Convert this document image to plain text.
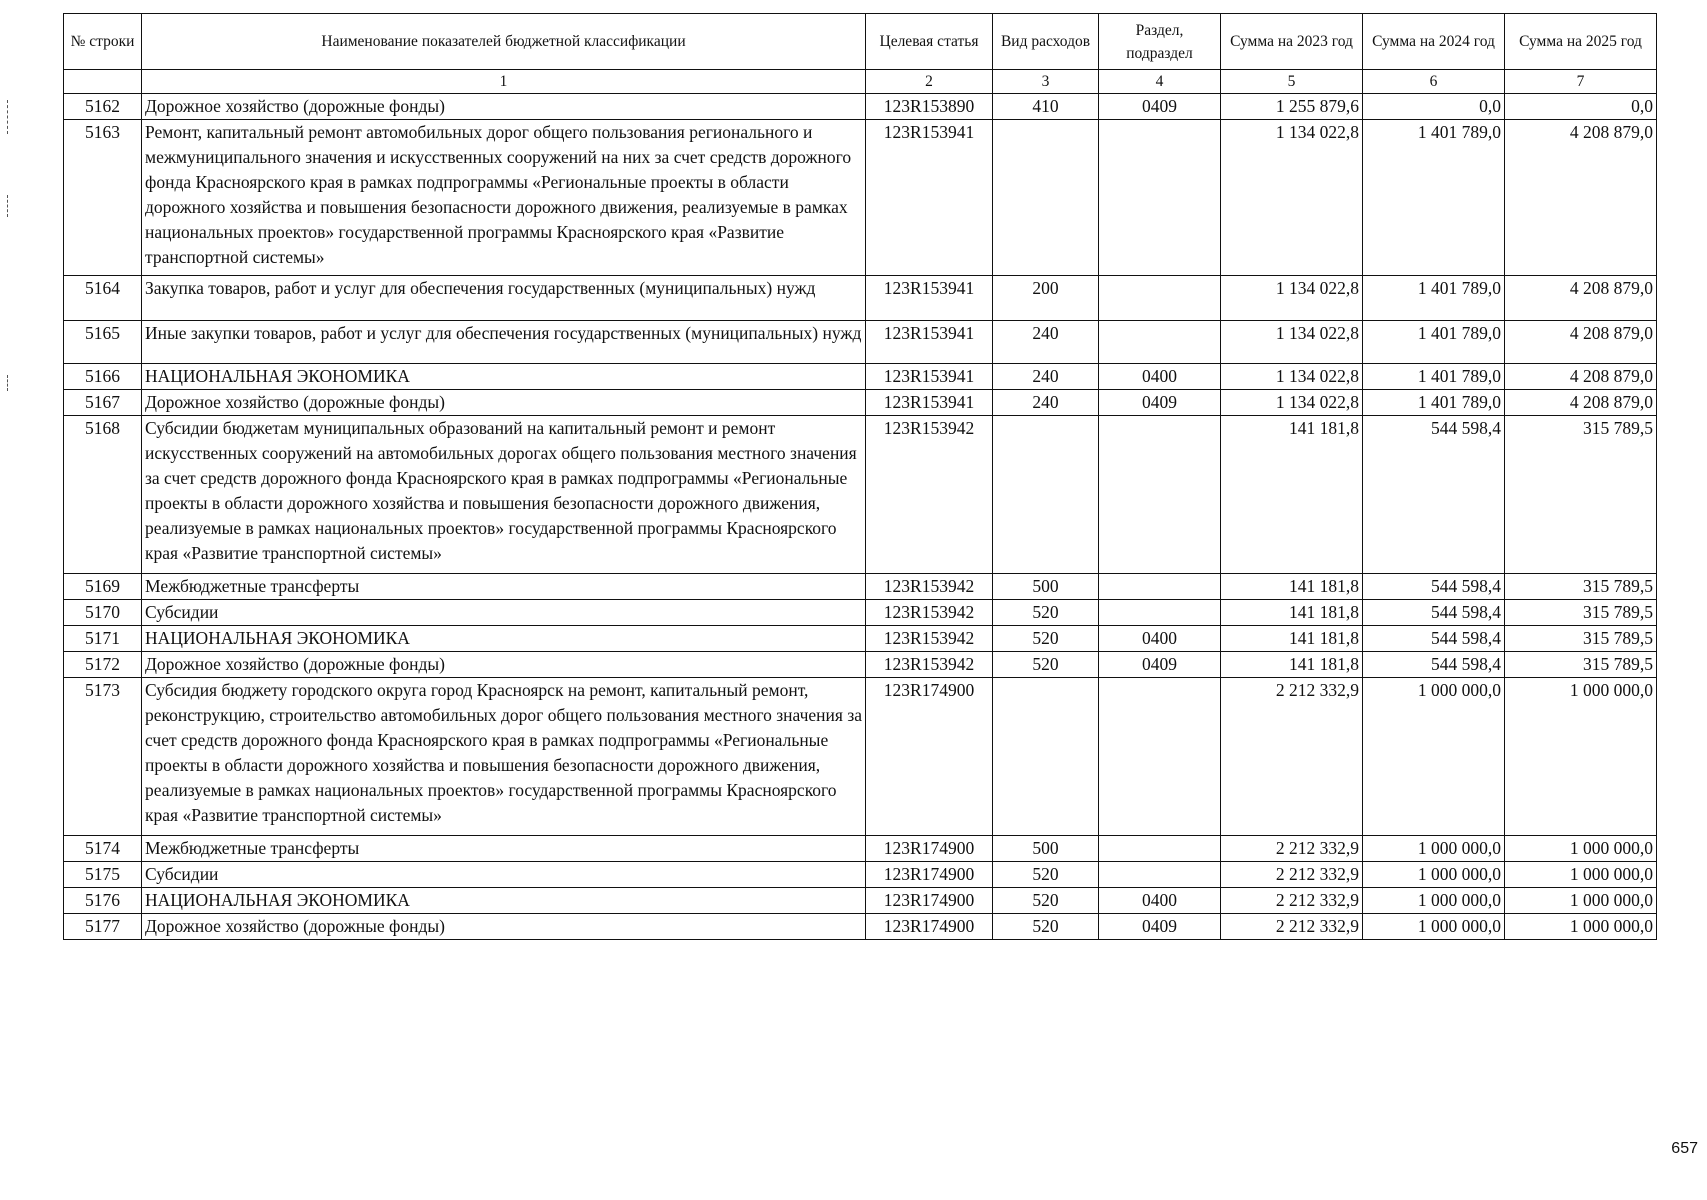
№ строки	Наименование показателей бюджетной классификации	Целевая статья	Вид расходов	Раздел, подраздел	Сумма на 2023 год	Сумма на 2024 год	Сумма на 2025 год
	1	2	3	4	5	6	7
5162	Дорожное хозяйство (дорожные фонды)	123R153890	410	0409	1 255 879,6	0,0	0,0
5163	Ремонт, капитальный ремонт автомобильных дорог общего пользования регионального и межмуниципального значения и искусственных сооружений на них за счет средств дорожного фонда Красноярского края в рамках подпрограммы «Региональные проекты в области дорожного хозяйства и повышения безопасности дорожного движения, реализуемые в рамках национальных проектов» государственной программы Красноярского края «Развитие транспортной системы»	123R153941			1 134 022,8	1 401 789,0	4 208 879,0
5164	Закупка товаров, работ и услуг для обеспечения государственных (муниципальных) нужд	123R153941	200		1 134 022,8	1 401 789,0	4 208 879,0
5165	Иные закупки товаров, работ и услуг для обеспечения государственных (муниципальных) нужд	123R153941	240		1 134 022,8	1 401 789,0	4 208 879,0
5166	НАЦИОНАЛЬНАЯ ЭКОНОМИКА	123R153941	240	0400	1 134 022,8	1 401 789,0	4 208 879,0
5167	Дорожное хозяйство (дорожные фонды)	123R153941	240	0409	1 134 022,8	1 401 789,0	4 208 879,0
5168	Субсидии бюджетам муниципальных образований на капитальный ремонт и ремонт искусственных сооружений на автомобильных дорогах общего пользования местного значения за счет средств дорожного фонда Красноярского края в рамках подпрограммы «Региональные проекты в области дорожного хозяйства и повышения безопасности дорожного движения, реализуемые в рамках национальных проектов» государственной программы Красноярского края «Развитие транспортной системы»	123R153942			141 181,8	544 598,4	315 789,5
5169	Межбюджетные трансферты	123R153942	500		141 181,8	544 598,4	315 789,5
5170	Субсидии	123R153942	520		141 181,8	544 598,4	315 789,5
5171	НАЦИОНАЛЬНАЯ ЭКОНОМИКА	123R153942	520	0400	141 181,8	544 598,4	315 789,5
5172	Дорожное хозяйство (дорожные фонды)	123R153942	520	0409	141 181,8	544 598,4	315 789,5
5173	Субсидия бюджету городского округа город Красноярск на ремонт, капитальный ремонт, реконструкцию, строительство автомобильных дорог общего пользования местного значения за счет средств дорожного фонда Красноярского края в рамках подпрограммы «Региональные проекты в области дорожного хозяйства и повышения безопасности дорожного движения, реализуемые в рамках национальных проектов» государственной программы Красноярского края «Развитие транспортной системы»	123R174900			2 212 332,9	1 000 000,0	1 000 000,0
5174	Межбюджетные трансферты	123R174900	500		2 212 332,9	1 000 000,0	1 000 000,0
5175	Субсидии	123R174900	520		2 212 332,9	1 000 000,0	1 000 000,0
5176	НАЦИОНАЛЬНАЯ ЭКОНОМИКА	123R174900	520	0400	2 212 332,9	1 000 000,0	1 000 000,0
5177	Дорожное хозяйство (дорожные фонды)	123R174900	520	0409	2 212 332,9	1 000 000,0	1 000 000,0
657
